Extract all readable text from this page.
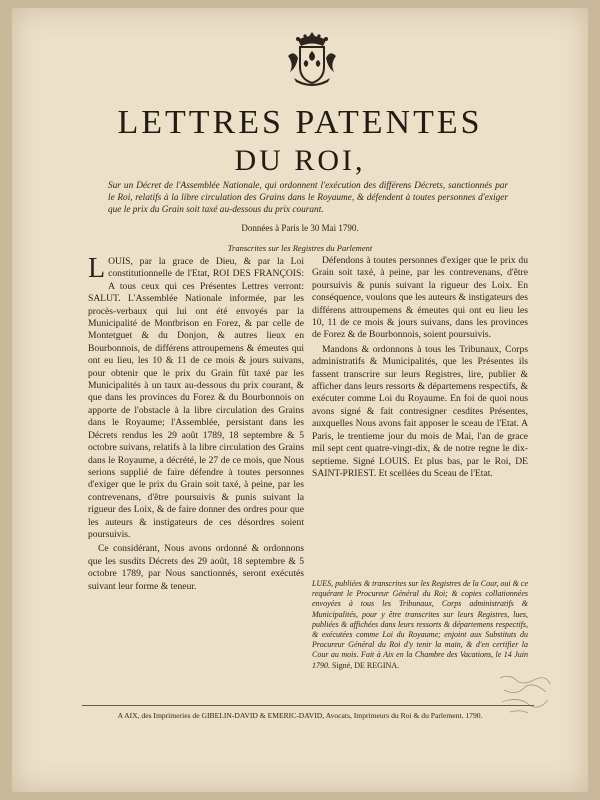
LETTRES PATENTES
DU ROI,
Sur un Décret de l'Assemblée Nationale, qui ordonnent l'exécution des différens Décrets, sanctionnés par le Roi, relatifs à la libre circulation des Grains dans le Royaume, & défendent à toutes personnes d'exiger que le prix du Grain soit taxé au-dessous du prix courant.
Données à Paris le 30 Mai 1790.
Transcrites sur les Registres du Parlement

LOUIS, par la grace de Dieu, & par la Loi constitutionnelle de l'Etat, ROI DES FRANÇOIS: A tous ceux qui ces Présentes Lettres verront: SALUT. L'Assemblée Nationale informée, par les procès-verbaux qui lui ont été envoyés par la Municipalité de Montbrison en Forez, & par celle de Montetguet & du Donjon, & autres lieux en Bourbonnois, de différens attroupemens & émeutes qui ont eu lieu, les 10 & 11 de ce mois & jours suivans, pour obtenir que le prix du Grain fût taxé par les Municipalités à un taux au-dessous du prix courant, & que dans les provinces du Forez & du Bourbonnois on apporte de l'obstacle à la libre circulation des Grains dans le Royaume; l'Assemblée, persistant dans les Décrets rendus les 29 août 1789, 18 septembre & 5 octobre suivans, relatifs à la libre circulation des Grains dans le Royaume, a décrété, le 27 de ce mois, que Nous serions supplié de faire défendre à toutes personnes d'exiger que le prix du Grain soit taxé, à peine, par les contrevenans, d'être poursuivis & punis suivant la rigueur des Loix, & de faire donner des ordres pour que les auteurs & instigateurs de ces désordres soient poursuivis.

Ce considérant, Nous avons ordonné & ordonnons que les susdits Décrets des 29 août, 18 septembre & 5 octobre 1789, par Nous sanctionnés, seront exécutés suivant leur forme & teneur.

Défendons à toutes personnes d'exiger que le prix du Grain soit taxé, à peine, par les contrevenans, d'être poursuivis & punis suivant la rigueur des Loix. En conséquence, voulons que les auteurs & instigateurs des différens attroupemens & émeutes qui ont eu lieu les 10, 11 de ce mois & jours suivans, dans les provinces de Forez & de Bourbonnois, soient poursuivis.

Mandons & ordonnons à tous les Tribunaux, Corps administratifs & Municipalités, que les Présentes ils fassent transcrire sur leurs Registres, lire, publier & afficher dans leurs ressorts & départemens respectifs, & exécuter comme Loi du Royaume. En foi de quoi nous avons signé & fait contresigner cesdites Présentes, auxquelles Nous avons fait apposer le sceau de l'Etat. A Paris, le trentieme jour du mois de Mai, l'an de grace mil sept cent quatre-vingt-dix, & de notre regne le dix-septieme. Signé LOUIS. Et plus bas, par le Roi, DE SAINT-PRIEST. Et scellées du Sceau de l'Etat.

LUES, publiées & transcrites sur les Registres de la Cour, oui & ce requérant le Procureur Général du Roi; & copies collationnées envoyées à tous les Tribunaux, Corps administratifs & Municipalités, pour y être transcrites sur leurs Registres, lues, publiées & affichées dans leurs ressorts & départemens respectifs, & exécutées comme Loi du Royaume; enjoint aux Substituts du Procureur Général du Roi d'y tenir la main, & d'en certifier la Cour au mois. Fait à Aix en la Chambre des Vacations, le 14 Juin 1790. Signé, DE REGINA.
A AIX, des Imprimeries de GIBELIN-DAVID & EMERIC-DAVID, Avocats, Imprimeurs du Roi & du Parlement. 1790.
